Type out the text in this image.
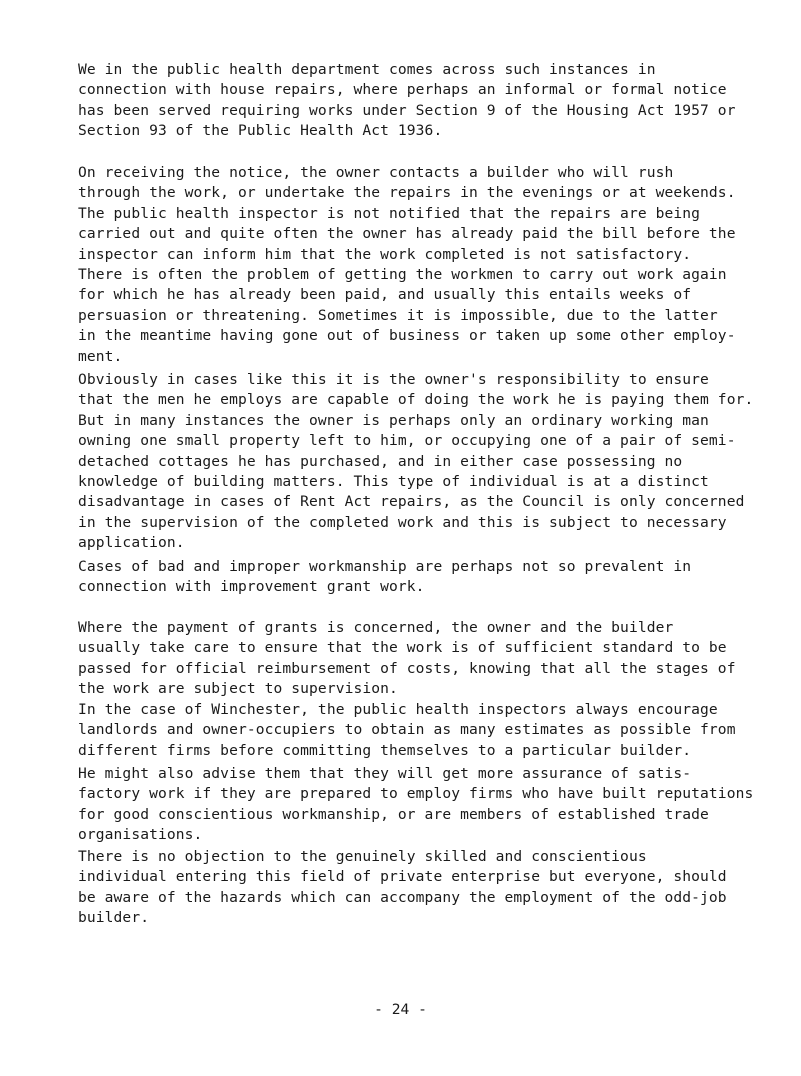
We in the public health department comes across such instances in
connection with house repairs, where perhaps an informal or formal notice
has been served requiring works under Section 9 of the Housing Act 1957 or
Section 93 of the Public Health Act 1936.

On receiving the notice, the owner contacts a builder who will rush
through the work, or undertake the repairs in the evenings or at weekends.
The public health inspector is not notified that the repairs are being
carried out and quite often the owner has already paid the bill before the
inspector can inform him that the work completed is not satisfactory.
There is often the problem of getting the workmen to carry out work again
for which he has already been paid, and usually this entails weeks of
persuasion or threatening. Sometimes it is impossible, due to the latter
in the meantime having gone out of business or taken up some other employ-
ment.

Obviously in cases like this it is the owner's responsibility to ensure
that the men he employs are capable of doing the work he is paying them for.
But in many instances the owner is perhaps only an ordinary working man
owning one small property left to him, or occupying one of a pair of semi-
detached cottages he has purchased, and in either case possessing no
knowledge of building matters. This type of individual is at a distinct
disadvantage in cases of Rent Act repairs, as the Council is only concerned
in the supervision of the completed work and this is subject to necessary
application.

Cases of bad and improper workmanship are perhaps not so prevalent in
connection with improvement grant work.

Where the payment of grants is concerned, the owner and the builder
usually take care to ensure that the work is of sufficient standard to be
passed for official reimbursement of costs, knowing that all the stages of
the work are subject to supervision.

In the case of Winchester, the public health inspectors always encourage
landlords and owner-occupiers to obtain as many estimates as possible from
different firms before committing themselves to a particular builder.

He might also advise them that they will get more assurance of satis-
factory work if they are prepared to employ firms who have built reputations
for good conscientious workmanship, or are members of established trade
organisations.

There is no objection to the genuinely skilled and conscientious
individual entering this field of private enterprise but everyone, should
be aware of the hazards which can accompany the employment of the odd-job
builder.

- 24 -
